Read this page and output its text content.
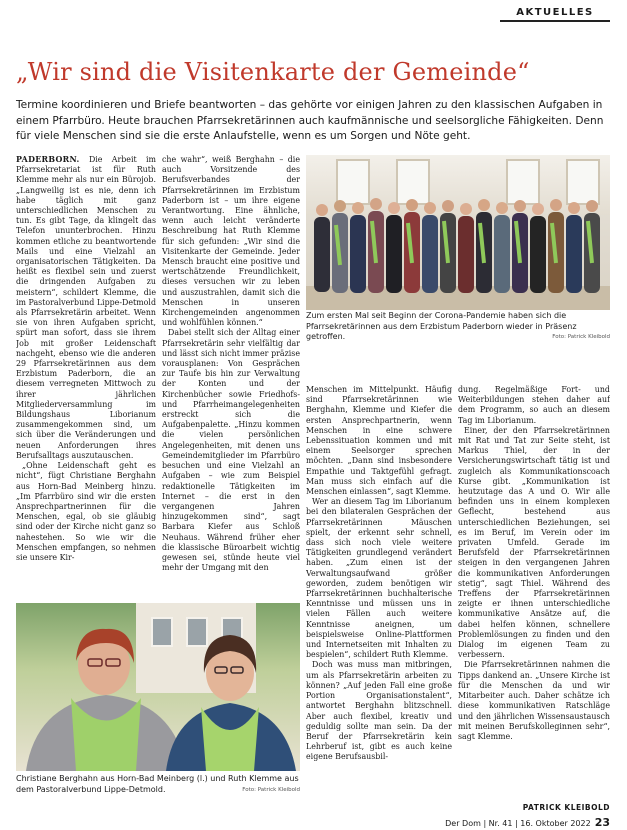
AKTUELLES
„Wir sind die Visitenkarte der Gemeinde“
Termine koordinieren und Briefe beantworten – das gehörte vor einigen Jahren zu den klassischen Aufgaben in einem Pfarrbüro. Heute brauchen Pfarrsekretärinnen auch kaufmännische und seelsorgliche Fähigkeiten. Denn für viele Menschen sind sie die erste Anlaufstelle, wenn es um Sorgen und Nöte geht.

PADERBORN. Die Arbeit im Pfarrsekretariat ist für Ruth Klemme mehr als nur ein Bürojob. „Langweilig ist es nie, denn ich habe täglich mit ganz unterschiedlichen Menschen zu tun. Es gibt Tage, da klingelt das Telefon ununterbrochen. Hinzu kommen etliche zu beantwortende Mails und eine Vielzahl an organisatorischen Tätigkeiten. Da heißt es flexibel sein und zuerst die dringenden Aufgaben zu meistern“, schildert Klemme, die im Pastoralverbund Lippe-Detmold als Pfarrsekretärin arbeitet. Wenn sie von ihren Aufgaben spricht, spürt man sofort, dass sie ihrem Job mit großer Leidenschaft nachgeht, ebenso wie die anderen 29 Pfarrsekretärinnen aus dem Erzbistum Paderborn, die an diesem verregneten Mittwoch zu ihrer jährlichen Mitgliederversammlung im Bildungshaus Liborianum zusammengekommen sind, um sich über die Veränderungen und neuen Anforderungen ihres Berufsalltags auszutauschen.

„Ohne Leidenschaft geht es nicht“, fügt Christiane Berghahn aus Horn-Bad Meinberg hinzu. „Im Pfarrbüro sind wir die ersten Ansprechpartnerinnen für die Menschen, egal, ob sie gläubig sind oder der Kirche nicht ganz so nahestehen. So wie wir die Menschen empfangen, so nehmen sie unsere Kir-

che wahr“, weiß Berghahn – die auch Vorsitzende des Berufsverbandes der Pfarrsekretärinnen im Erzbistum Paderborn ist – um ihre eigene Verantwortung. Eine ähnliche, wenn auch leicht veränderte Beschreibung hat Ruth Klemme für sich gefunden: „Wir sind die Visitenkarte der Gemeinde. Jeder Mensch braucht eine positive und wertschätzende Freundlichkeit, dieses versuchen wir zu leben und auszustrahlen, damit sich die Menschen in unseren Kirchengemeinden angenommen und wohlfühlen können.“

Dabei stellt sich der Alltag einer Pfarrsekretärin sehr vielfältig dar und lässt sich nicht immer präzise vorausplanen: Von Gesprächen zur Taufe bis hin zur Verwaltung der Konten und der Kirchenbücher sowie Friedhofs- und Pfarrheimangelegenheiten erstreckt sich die Aufgabenpalette. „Hinzu kommen die vielen persönlichen Angelegenheiten, mit denen uns Gemeindemitglieder im Pfarrbüro besuchen und eine Vielzahl an Aufgaben – wie zum Beispiel redaktionelle Tätigkeiten im Internet – die erst in den vergangenen Jahren hinzugekommen sind“, sagt Barbara Kiefer aus Schloß Neuhaus. Während früher eher die klassische Büroarbeit wichtig gewesen sei, stünde heute viel mehr der Umgang mit den

Zum ersten Mal seit Beginn der Corona-Pandemie haben sich die Pfarrsekretärinnen aus dem Erzbistum Paderborn wieder in Präsenz getroffen.	Foto: Patrick Kleibold

Menschen im Mittelpunkt. Häufig sind Pfarrsekretärinnen wie Berghahn, Klemme und Kiefer die ersten Ansprechpartnerin, wenn Menschen in eine schwere Lebenssituation kommen und mit einem Seelsorger sprechen möchten. „Dann sind insbesondere Empathie und Taktgefühl gefragt. Man muss sich einfach auf die Menschen einlassen“, sagt Klemme.

Wer an diesem Tag im Liborianum bei den bilateralen Gesprächen der Pfarrsekretärinnen Mäuschen spielt, der erkennt sehr schnell, dass sich noch viele weitere Tätigkeiten grundlegend verändert haben. „Zum einen ist der Verwaltungsaufwand größer geworden, zudem benötigen wir Pfarrsekretärinnen buchhalterische Kenntnisse und müssen uns in vielen Fällen auch weitere Kenntnisse aneignen, um beispielsweise Online-Plattformen und Internetseiten mit Inhalten zu bespielen“, schildert Ruth Klemme.

Doch was muss man mitbringen, um als Pfarrsekretärin arbeiten zu können? „Auf jeden Fall eine große Portion Organisationstalent“, antwortet Berghahn blitzschnell. Aber auch flexibel, kreativ und geduldig sollte man sein. Da der Beruf der Pfarrsekretärin kein Lehrberuf ist, gibt es auch keine eigene Berufsausbil-

dung. Regelmäßige Fort- und Weiterbildungen stehen daher auf dem Programm, so auch an diesem Tag im Liborianum.

Einer, der den Pfarrsekretärinnen mit Rat und Tat zur Seite steht, ist Markus Thiel, der in der Versicherungswirtschaft tätig ist und zugleich als Kommunikationscoach Kurse gibt. „Kommunikation ist heutzutage das A und O. Wir alle befinden uns in einem komplexen Geflecht, bestehend aus unterschiedlichen Beziehungen, sei es im Beruf, im Verein oder im privaten Umfeld. Gerade im Berufsfeld der Pfarrsekretärinnen steigen in den vergangenen Jahren die kommunikativen Anforderungen stetig“, sagt Thiel. Während des Treffens der Pfarrsekretärinnen zeigte er ihnen unterschiedliche kommunikative Ansätze auf, die dabei helfen können, schnellere Problemlösungen zu finden und den Dialog im eigenen Team zu verbessern.

Die Pfarrsekretärinnen nahmen die Tipps dankend an. „Unsere Kirche ist für die Menschen da und wir Mitarbeiter auch. Daher schätze ich diese kommunikativen Ratschläge und den jährlichen Wissensaustausch mit meinen Berufskolleginnen sehr“, sagt Klemme.

Christiane Berghahn aus Horn-Bad Meinberg (l.) und Ruth Klemme aus dem Pastoralverbund Lippe-Detmold.	Foto: Patrick Kleibold
PATRICK KLEIBOLD
Der Dom | Nr. 41 | 16. Oktober 2022 23
